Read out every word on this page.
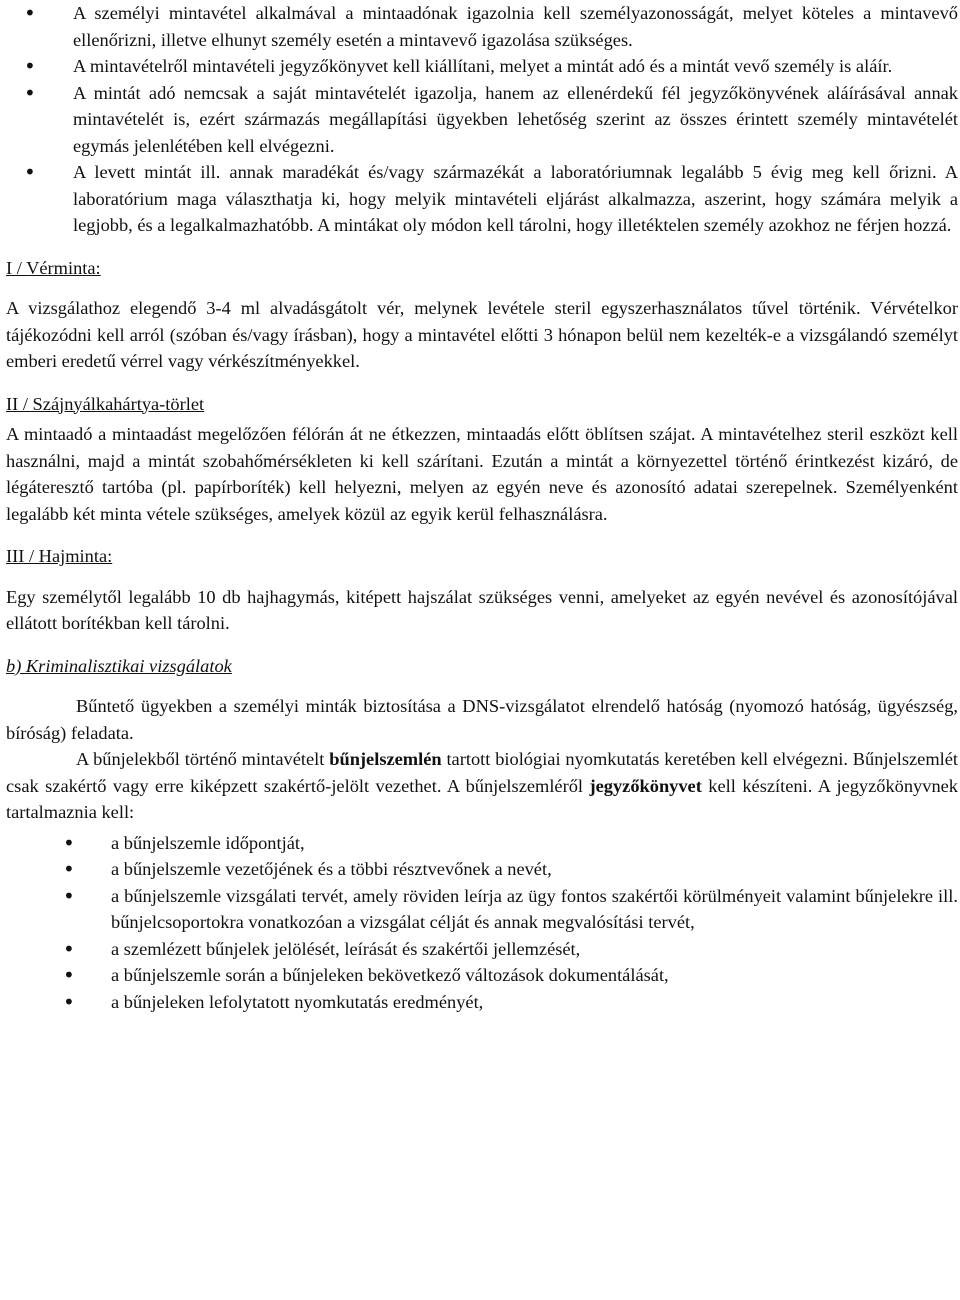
• A személyi mintavétel alkalmával a mintaadónak igazolnia kell személyazonosságát, melyet köteles a mintavevő ellenőrizni, illetve elhunyt személy esetén a mintavevő igazolása szükséges.
• A mintavételről mintavételi jegyzőkönyvet kell kiállítani, melyet a mintát adó és a mintát vevő személy is aláír.
• A mintát adó nemcsak a saját mintavételét igazolja, hanem az ellenérdekű fél jegyzőkönyvének aláírásával annak mintavételét is, ezért származás megállapítási ügyekben lehetőség szerint az összes érintett személy mintavételét egymás jelenlétében kell elvégezni.
• A levett mintát ill. annak maradékát és/vagy származékát a laboratóriumnak legalább 5 évig meg kell őrizni. A laboratórium maga választhatja ki, hogy melyik mintavételi eljárást alkalmazza, aszerint, hogy számára melyik a legjobb, és a legalkalmazhatóbb. A mintákat oly módon kell tárolni, hogy illetéktelen személy azokhoz ne férjen hozzá.

I / Vérminta:

A vizsgálathoz elegendő 3-4 ml alvadásgátolt vér, melynek levétele steril egyszerhasználatos tűvel történik. Vérvételkor tájékozódni kell arról (szóban és/vagy írásban), hogy a mintavétel előtti 3 hónapon belül nem kezelték-e a vizsgálandó személyt emberi eredetű vérrel vagy vérkészítményekkel.

II / Szájnyálkahártya-törlet

A mintaadó a mintaadást megelőzően félórán át ne étkezzen, mintaadás előtt öblítsen szájat. A mintavételhez steril eszközt kell használni, majd a mintát szobahőmérsékleten ki kell szárítani. Ezután a mintát a környezettel történő érintkezést kizáró, de légáteresztő tartóba (pl. papírboríték) kell helyezni, melyen az egyén neve és azonosító adatai szerepelnek. Személyenként legalább két minta vétele szükséges, amelyek közül az egyik kerül felhasználásra.

III / Hajminta:

Egy személytől legalább 10 db hajhagymás, kitépett hajszálat szükséges venni, amelyeket az egyén nevével és azonosítójával ellátott borítékban kell tárolni.

b) Kriminalisztikai vizsgálatok

Bűntető ügyekben a személyi minták biztosítása a DNS-vizsgálatot elrendelő hatóság (nyomozó hatóság, ügyészség, bíróság) feladata.

A bűnjelekből történő mintavételt bűnjelszemlén tartott biológiai nyomkutatás keretében kell elvégezni. Bűnjelszemlét csak szakértő vagy erre kiképzett szakértő-jelölt vezethet. A bűnjelszemléről jegyzőkönyvet kell készíteni. A jegyzőkönyvnek tartalmaznia kell:

• a bűnjelszemle időpontját,
• a bűnjelszemle vezetőjének és a többi résztvevőnek a nevét,
• a bűnjelszemle vizsgálati tervét, amely röviden leírja az ügy fontos szakértői körülményeit valamint bűnjelekre ill. bűnjelcsoportokra vonatkozóan a vizsgálat célját és annak megvalósítási tervét,
• a szemlézett bűnjelek jelölését, leírását és szakértői jellemzését,
• a bűnjelszemle során a bűnjeleken bekövetkező változások dokumentálását,
• a bűnjeleken lefolytatott nyomkutatás eredményét,
